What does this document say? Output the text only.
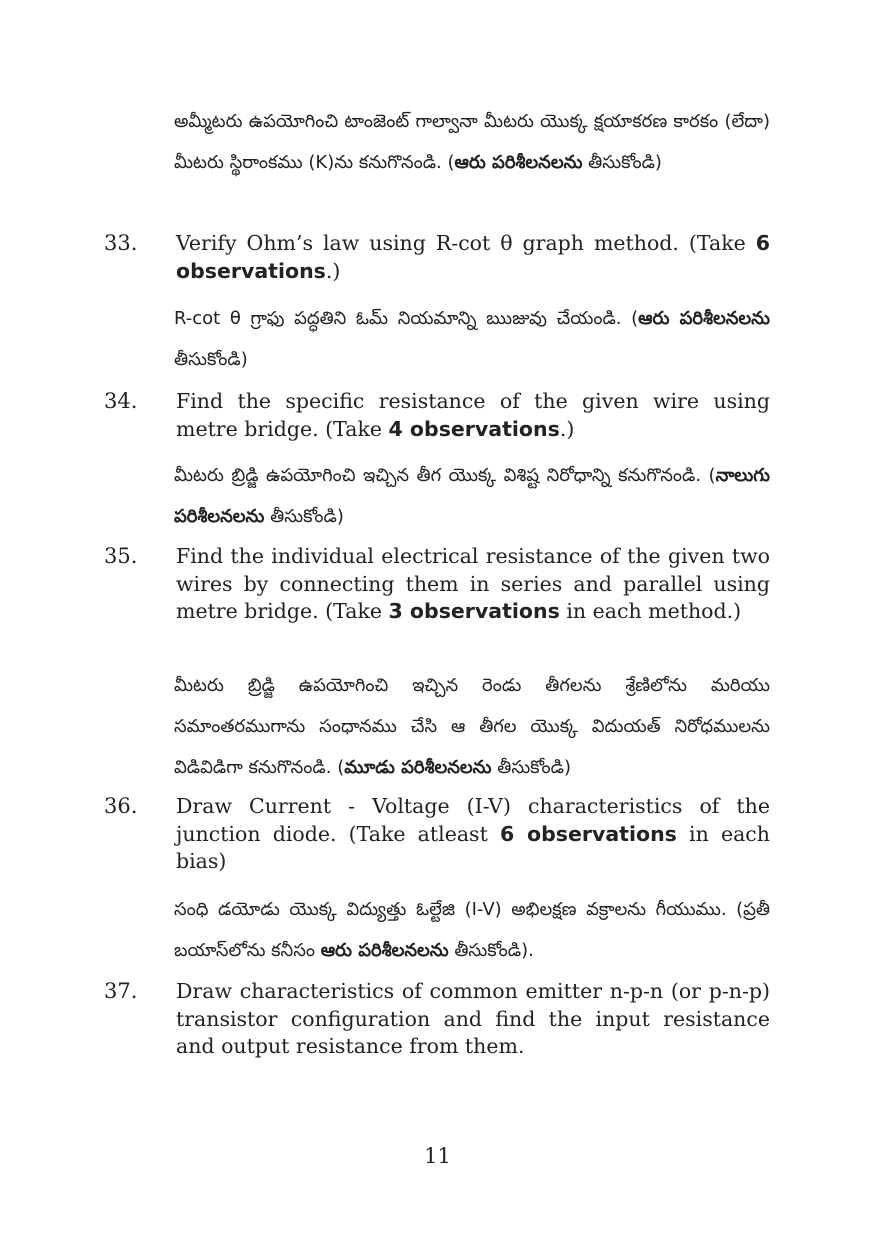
అమ్మీటరు ఉపయోగించి టాంజెంట్ గాల్వానా మీటరు యొక్క క్షయాకరణ కారకం (లేదా) మీటరు స్థిరాంకము (K)ను కనుగొనండి. (ఆరు పరిశీలనలను తీసుకోండి)

33. Verify Ohm’s law using R-cot θ graph method. (Take 6 observations.)

R-cot θ గ్రాఫు పద్ధతిని ఓమ్ నియమాన్ని ఋజువు చేయండి. (ఆరు పరిశీలనలను తీసుకోండి)

34. Find the specific resistance of the given wire using metre bridge. (Take 4 observations.)

మీటరు బ్రిడ్జి ఉపయోగించి ఇచ్చిన తీగ యొక్క విశిష్ట నిరోధాన్ని కనుగొనండి. (నాలుగు పరిశీలనలను తీసుకోండి)

35. Find the individual electrical resistance of the given two wires by connecting them in series and parallel using metre bridge. (Take 3 observations in each method.)

మీటరు బ్రిడ్జి ఉపయోగించి ఇచ్చిన రెండు తీగలను శ్రేణిలోను మరియు సమాంతరముగాను సంధానము చేసి ఆ తీగల యొక్క విదుయత్ నిరోధములను విడివిడిగా కనుగొనండి. (మూడు పరిశీలనలను తీసుకోండి)

36. Draw Current - Voltage (I-V) characteristics of the junction diode. (Take atleast 6 observations in each bias)

సంధి డయోడు యొక్క విద్యుత్తు ఓల్టేజి (I-V) అభిలక్షణ వక్రాలను గీయుము. (ప్రతీ బయాస్‌లోను కనీసం ఆరు పరిశీలనలను తీసుకోండి).

37. Draw characteristics of common emitter n-p-n (or p-n-p) transistor configuration and find the input resistance and output resistance from them.

11
